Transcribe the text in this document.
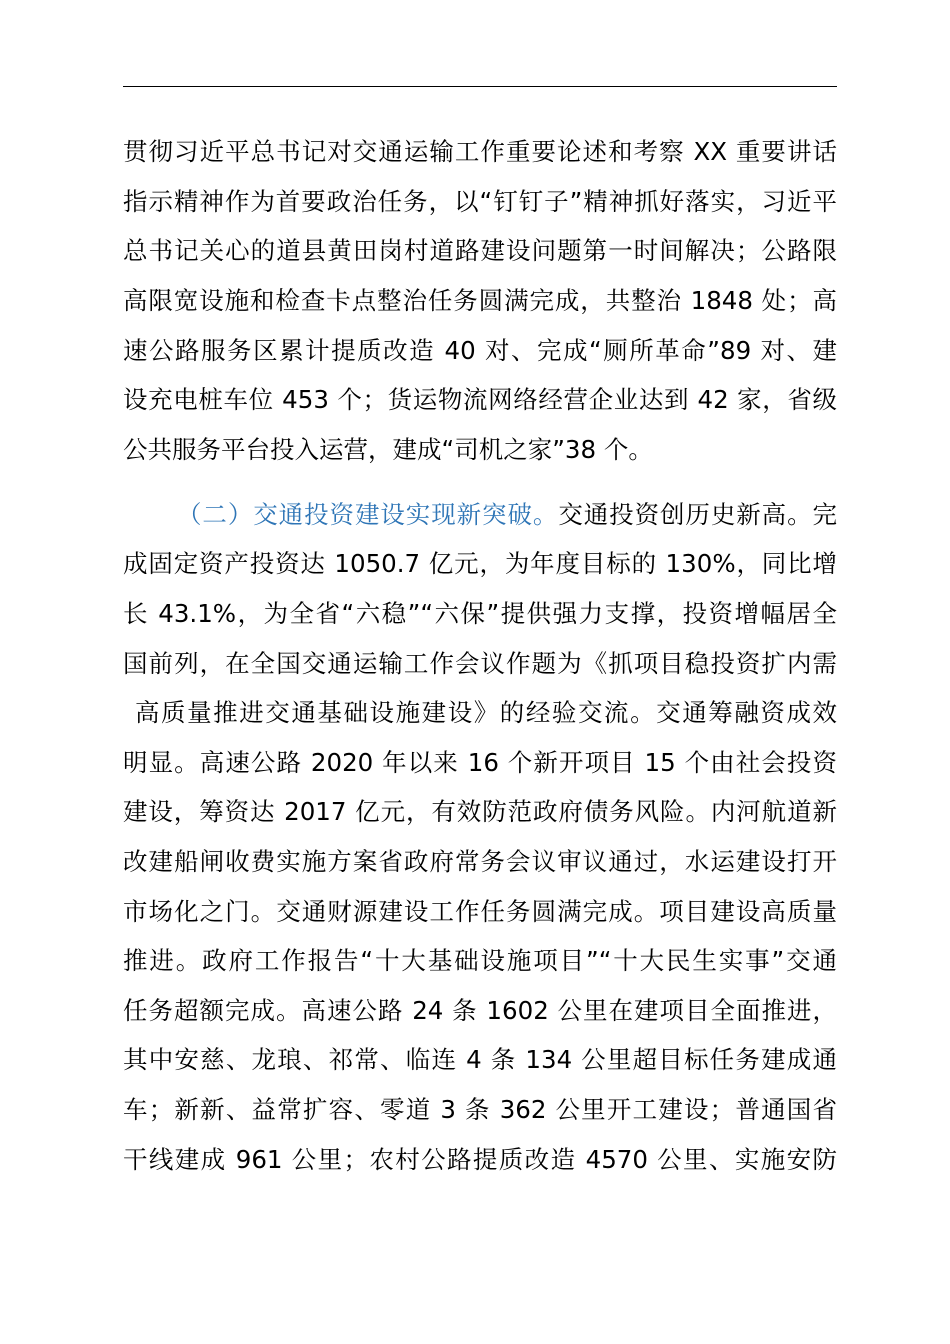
贯彻习近平总书记对交通运输工作重要论述和考察 XX 重要讲话
指示精神作为首要政治任务，以“钉钉子”精神抓好落实，习近平
总书记关心的道县黄田岗村道路建设问题第一时间解决；公路限
高限宽设施和检查卡点整治任务圆满完成，共整治 1848 处；高
速公路服务区累计提质改造 40 对、完成“厕所革命”89 对、建
设充电桩车位 453 个；货运物流网络经营企业达到 42 家，省级
公共服务平台投入运营，建成“司机之家”38 个。
（二）交通投资建设实现新突破。交通投资创历史新高。完
成固定资产投资达 1050.7 亿元，为年度目标的 130%，同比增
长 43.1%，为全省“六稳”“六保”提供强力支撑，投资增幅居全
国前列，在全国交通运输工作会议作题为《抓项目稳投资扩内需
高质量推进交通基础设施建设》的经验交流。交通筹融资成效
明显。高速公路 2020 年以来 16 个新开项目 15 个由社会投资
建设，筹资达 2017 亿元，有效防范政府债务风险。内河航道新
改建船闸收费实施方案省政府常务会议审议通过，水运建设打开
市场化之门。交通财源建设工作任务圆满完成。项目建设高质量
推进。政府工作报告“十大基础设施项目”“十大民生实事”交通
任务超额完成。高速公路 24 条 1602 公里在建项目全面推进，
其中安慈、龙琅、祁常、临连 4 条 134 公里超目标任务建成通
车；新新、益常扩容、零道 3 条 362 公里开工建设；普通国省
干线建成 961 公里；农村公路提质改造 4570 公里、实施安防
